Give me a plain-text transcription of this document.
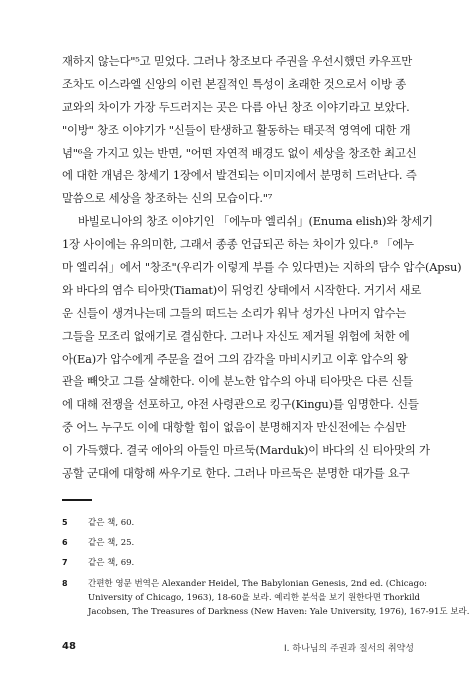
재하지 않는다"⁵고 믿었다. 그러나 창조보다 주권을 우선시했던 카우프만
조차도 이스라엘 신앙의 이런 본질적인 특성이 초래한 것으로서 이방 종
교와의 차이가 가장 두드러지는 곳은 다름 아닌 창조 이야기라고 보았다.
"이방" 창조 이야기가 "신들이 탄생하고 활동하는 태곳적 영역에 대한 개
념"⁶을 가지고 있는 반면, "어떤 자연적 배경도 없이 세상을 창조한 최고신
에 대한 개념은 창세기 1장에서 발견되는 이미지에서 분명히 드러난다. 즉
말씀으로 세상을 창조하는 신의 모습이다."⁷
바빌로니아의 창조 이야기인 「에누마 엘리쉬」(Enuma elish)와 창세기
1장 사이에는 유의미한, 그래서 종종 언급되곤 하는 차이가 있다.⁸ 「에누
마 엘리쉬」에서 "창조"(우리가 이렇게 부를 수 있다면)는 지하의 담수 압수(Apsu)
와 바다의 염수 티아맛(Tiamat)이 뒤엉킨 상태에서 시작한다. 거기서 새로
운 신들이 생겨나는데 그들의 떠드는 소리가 워낙 성가신 나머지 압수는
그들을 모조리 없애기로 결심한다. 그러나 자신도 제거될 위험에 처한 에
아(Ea)가 압수에게 주문을 걸어 그의 감각을 마비시키고 이후 압수의 왕
관을 빼앗고 그를 살해한다. 이에 분노한 압수의 아내 티아맛은 다른 신들
에 대해 전쟁을 선포하고, 야전 사령관으로 킹구(Kingu)를 임명한다. 신들
중 어느 누구도 이에 대항할 힘이 없음이 분명해지자 만신전에는 수심만
이 가득했다. 결국 에아의 아들인 마르둑(Marduk)이 바다의 신 티아맛의 가
공할 군대에 대항해 싸우기로 한다. 그러나 마르둑은 분명한 대가를 요구
5	같은 책, 60.
6	같은 책, 25.
7	같은 책, 69.
8	간편한 영문 번역은 Alexander Heidel, The Babylonian Genesis, 2nd ed. (Chicago:
University of Chicago, 1963), 18-60을 보라. 예리한 분석을 보기 원한다면 Thorkild
Jacobsen, The Treasures of Darkness (New Haven: Yale University, 1976), 167-91도 보라.
48	I. 하나님의 주권과 질서의 취약성
